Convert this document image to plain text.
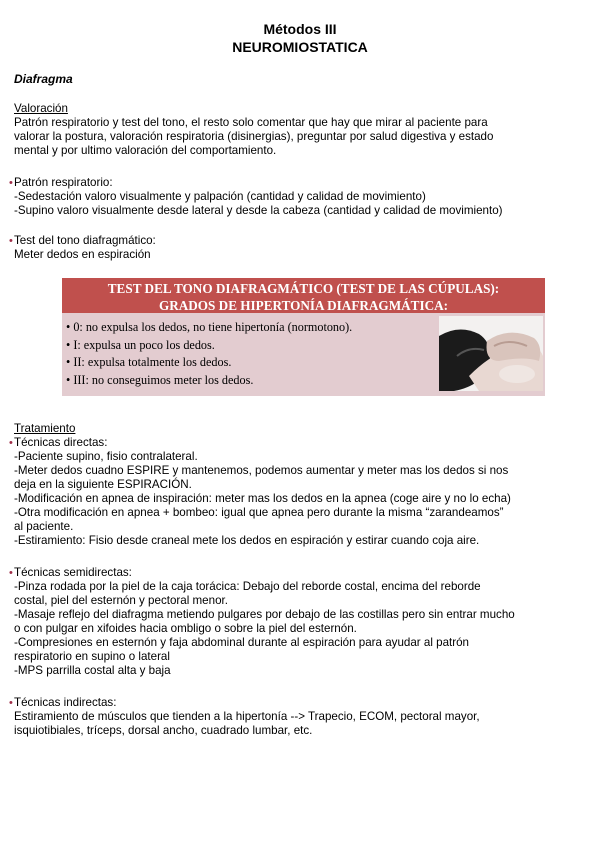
Métodos III
NEUROMIOSTATICA
Diafragma
Valoración
Patrón respiratorio y test del tono, el resto solo comentar que hay que mirar al paciente para
valorar la postura, valoración respiratoria (disinergias), preguntar por salud digestiva y estado
mental y por ultimo valoración del comportamiento.
• Patrón respiratorio:
-Sedestación valoro visualmente y palpación (cantidad y calidad de movimiento)
-Supino valoro visualmente desde lateral y desde la cabeza (cantidad y calidad de movimiento)
• Test del tono diafragmático:
Meter dedos en espiración
TEST DEL TONO DIAFRAGMÁTICO (TEST DE LAS CÚPULAS):
GRADOS DE HIPERTONÍA DIAFRAGMÁTICA:
• 0: no expulsa los dedos, no tiene hipertonía (normotono).
• I: expulsa un poco los dedos.
• II: expulsa totalmente los dedos.
• III: no conseguimos meter los dedos.
Tratamiento
• Técnicas directas:
-Paciente supino, fisio contralateral.
-Meter dedos cuadno ESPIRE y mantenemos, podemos aumentar y meter mas los dedos si nos
deja en la siguiente ESPIRACIÓN.
-Modificación en apnea de inspiración: meter mas los dedos en la apnea (coge aire y no lo echa)
-Otra modificación en apnea + bombeo: igual que apnea pero durante la misma “zarandeamos”
al paciente.
-Estiramiento: Fisio desde craneal mete los dedos en espiración y estirar cuando coja aire.
• Técnicas semidirectas:
-Pinza rodada por la piel de la caja torácica: Debajo del reborde costal, encima del reborde
costal, piel del esternón y pectoral menor.
-Masaje reflejo del diafragma metiendo pulgares por debajo de las costillas pero sin entrar mucho
o con pulgar en xifoides hacia ombligo o sobre la piel del esternón.
-Compresiones en esternón y faja abdominal durante al espiración para ayudar al patrón
respiratorio en supino o lateral
-MPS parrilla costal alta y baja
• Técnicas indirectas:
Estiramiento de músculos que tienden a la hipertonía --> Trapecio, ECOM, pectoral mayor,
isquiotibiales, tríceps, dorsal ancho, cuadrado lumbar, etc.
